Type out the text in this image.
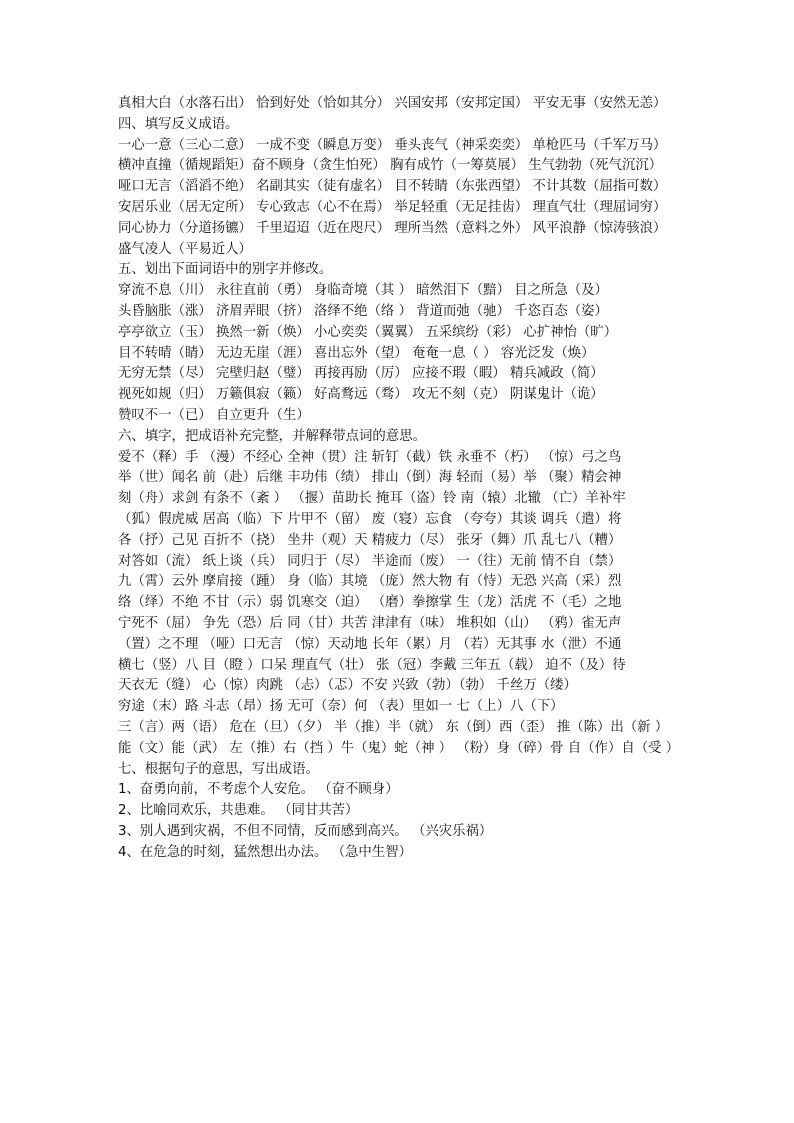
真相大白（水落石出） 恰到好处（恰如其分） 兴国安邦（安邦定国） 平安无事（安然无恙）

四、填写反义成语。

一心一意（三心二意） 一成不变（瞬息万变） 垂头丧气（神采奕奕） 单枪匹马（千军万马）

横冲直撞（循规蹈矩）奋不顾身（贪生怕死） 胸有成竹（一筹莫展） 生气勃勃（死气沉沉）

哑口无言（滔滔不绝） 名副其实（徒有虚名） 目不转睛（东张西望） 不计其数（屈指可数）

安居乐业（居无定所） 专心致志（心不在焉） 举足轻重（无足挂齿） 理直气壮（理屈词穷）

同心协力（分道扬镳） 千里迢迢（近在咫尺） 理所当然（意料之外） 风平浪静（惊涛骇浪）

盛气凌人（平易近人）

五、划出下面词语中的别字并修改。

穿流不息（川） 永往直前（勇） 身临奇境（其 ） 暗然泪下（黯） 目之所急（及）

头昏脑胀（涨） 济眉弄眼（挤） 洛绎不绝（络 ） 背道而弛（驰） 千恣百态（姿）

亭亭欲立（玉） 换然一新（焕） 小心奕奕（翼翼） 五采缤纷（彩） 心扩神怡（旷）

目不转晴（睛） 无边无崖（涯） 喜出忘外（望） 奄奄一息（ ） 容光泛发（焕）

无穷无禁（尽） 完壁归赵（璧） 再接再励（厉） 应接不瑕（暇） 精兵减政（简）

视死如规（归） 万籁俱寂（籁） 好高鹜远（骛） 攻无不刻（克） 阴谋鬼计（诡）

赞叹不一（已） 自立更升（生）

六、填字，把成语补充完整，并解释带点词的意思。

爱不（释）手 （漫）不经心 全神（贯）注 斩钉（截）铁 永垂不（朽） （惊）弓之鸟

举（世）闻名 前（赴）后继 丰功伟（绩） 排山（倒）海 轻而（易）举 （聚）精会神

刻（舟）求剑 有条不（紊 ） （揠）苗助长 掩耳（盗）铃 南（辕）北辙 （亡）羊补牢

（狐）假虎威 居高（临）下 片甲不（留） 废（寝）忘食 （夸夸）其谈 调兵（遣）将

各（抒）己见 百折不（挠） 坐井（观）天 精疲力（尽） 张牙（舞）爪 乱七八（糟）

对答如（流） 纸上谈（兵） 同归于（尽） 半途而（废） 一（往）无前 情不自（禁）

九（霄）云外 摩肩接（踵） 身（临）其境 （庞）然大物 有（恃）无恐 兴高（采）烈

络（绎）不绝 不甘（示）弱 饥寒交（迫） （磨）拳擦掌 生（龙）活虎 不（毛）之地

宁死不（屈） 争先（恐）后 同（甘）共苦 津津有（味） 堆积如（山） （鸦）雀无声

（置）之不理 （哑）口无言 （惊）天动地 长年（累）月 （若）无其事 水（泄）不通

横七（竖）八 目（瞪 ）口呆 理直气（壮） 张（冠）李戴 三年五（载） 迫不（及）待

天衣无（缝） 心（惊）肉跳 （忐）（忑）不安 兴致（勃）（勃） 千丝万（缕）

穷途（末）路 斗志（昂）扬 无可（奈）何 （表）里如一 七（上）八（下）

三（言）两（语） 危在（旦）（夕） 半（推）半（就） 东（倒）西（歪） 推（陈）出（新 ）

能（文）能（武） 左（推）右（挡 ）牛（鬼）蛇（神 ） （粉）身（碎）骨 自（作）自（受 ）

七、根据句子的意思，写出成语。

1、奋勇向前，不考虑个人安危。 （奋不顾身）

2、比喻同欢乐，共患难。 （同甘共苦）

3、别人遇到灾祸，不但不同情，反而感到高兴。 （兴灾乐祸）

4、在危急的时刻，猛然想出办法。 （急中生智）
